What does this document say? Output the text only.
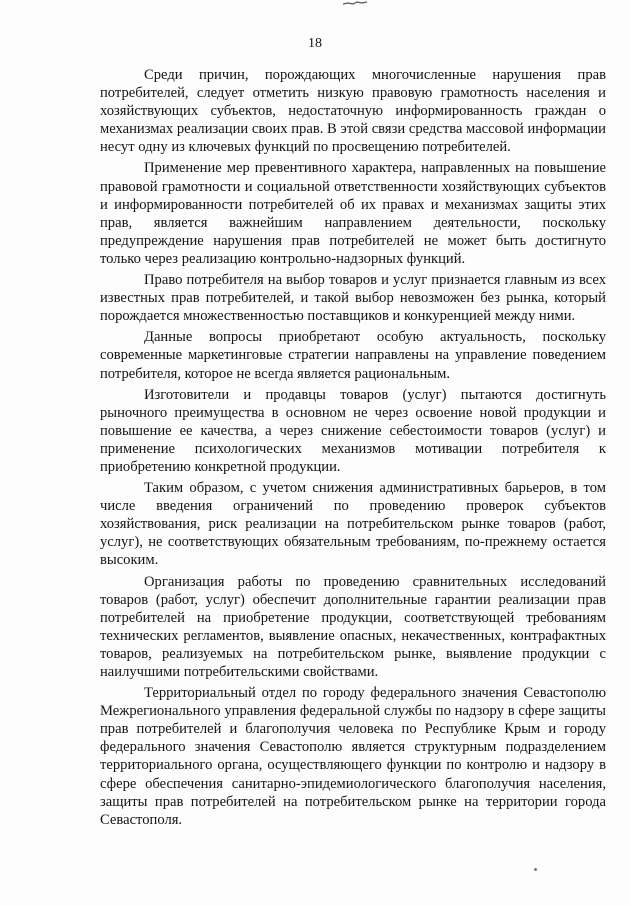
18

Среди причин, порождающих многочисленные нарушения прав потребителей, следует отметить низкую правовую грамотность населения и хозяйствующих субъектов, недостаточную информированность граждан о механизмах реализации своих прав. В этой связи средства массовой информации несут одну из ключевых функций по просвещению потребителей.

Применение мер превентивного характера, направленных на повышение правовой грамотности и социальной ответственности хозяйствующих субъектов и информированности потребителей об их правах и механизмах защиты этих прав, является важнейшим направлением деятельности, поскольку предупреждение нарушения прав потребителей не может быть достигнуто только через реализацию контрольно-надзорных функций.

Право потребителя на выбор товаров и услуг признается главным из всех известных прав потребителей, и такой выбор невозможен без рынка, который порождается множественностью поставщиков и конкуренцией между ними.

Данные вопросы приобретают особую актуальность, поскольку современные маркетинговые стратегии направлены на управление поведением потребителя, которое не всегда является рациональным.

Изготовители и продавцы товаров (услуг) пытаются достигнуть рыночного преимущества в основном не через освоение новой продукции и повышение ее качества, а через снижение себестоимости товаров (услуг) и применение психологических механизмов мотивации потребителя к приобретению конкретной продукции.

Таким образом, с учетом снижения административных барьеров, в том числе введения ограничений по проведению проверок субъектов хозяйствования, риск реализации на потребительском рынке товаров (работ, услуг), не соответствующих обязательным требованиям, по-прежнему остается высоким.

Организация работы по проведению сравнительных исследований товаров (работ, услуг) обеспечит дополнительные гарантии реализации прав потребителей на приобретение продукции, соответствующей требованиям технических регламентов, выявление опасных, некачественных, контрафактных товаров, реализуемых на потребительском рынке, выявление продукции с наилучшими потребительскими свойствами.

Территориальный отдел по городу федерального значения Севастополю Межрегионального управления федеральной службы по надзору в сфере защиты прав потребителей и благополучия человека по Республике Крым и городу федерального значения Севастополю является структурным подразделением территориального органа, осуществляющего функции по контролю и надзору в сфере обеспечения санитарно-эпидемиологического благополучия населения, защиты прав потребителей на потребительском рынке на территории города Севастополя.
